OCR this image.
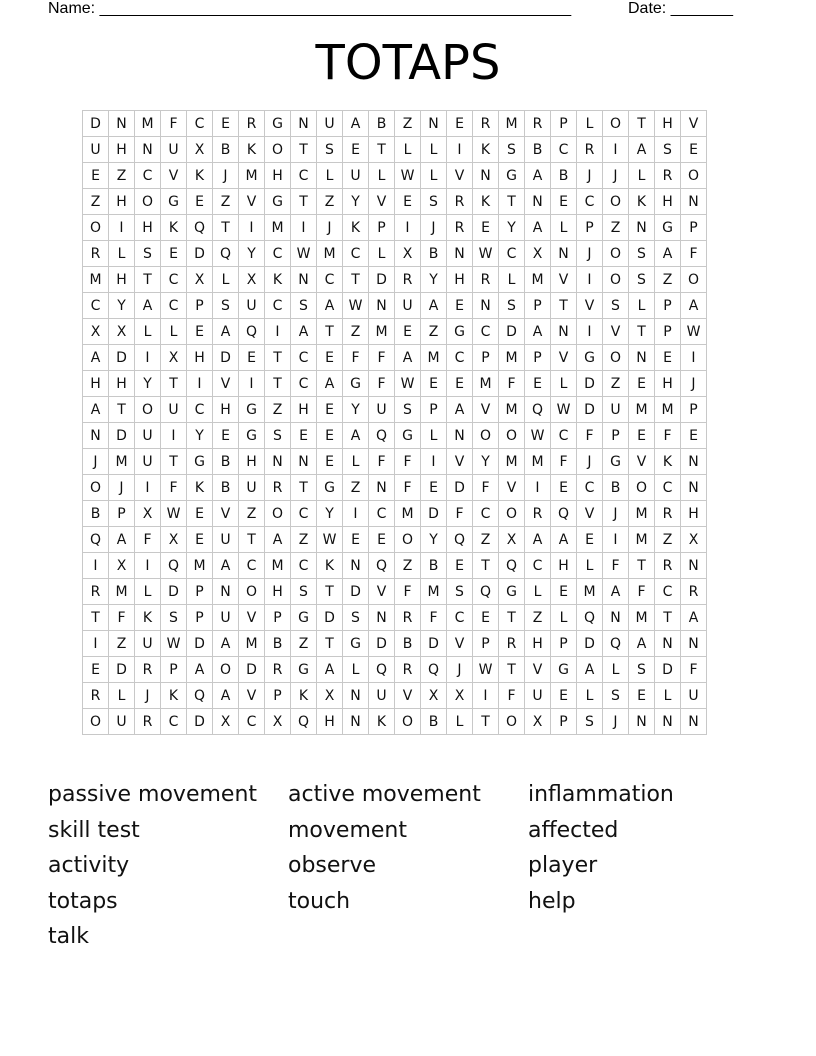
Name: _____________________________________________________	Date: _______
TOTAPS
D	N	M	F	C	E	R	G	N	U	A	B	Z	N	E	R	M	R	P	L	O	T	H	V
U	H	N	U	X	B	K	O	T	S	E	T	L	L	I	K	S	B	C	R	I	A	S	E
E	Z	C	V	K	J	M	H	C	L	U	L	W	L	V	N	G	A	B	J	J	L	R	O
Z	H	O	G	E	Z	V	G	T	Z	Y	V	E	S	R	K	T	N	E	C	O	K	H	N
O	I	H	K	Q	T	I	M	I	J	K	P	I	J	R	E	Y	A	L	P	Z	N	G	P
R	L	S	E	D	Q	Y	C	W	M	C	L	X	B	N	W	C	X	N	J	O	S	A	F
M	H	T	C	X	L	X	K	N	C	T	D	R	Y	H	R	L	M	V	I	O	S	Z	O
C	Y	A	C	P	S	U	C	S	A	W	N	U	A	E	N	S	P	T	V	S	L	P	A
X	X	L	L	E	A	Q	I	A	T	Z	M	E	Z	G	C	D	A	N	I	V	T	P	W
A	D	I	X	H	D	E	T	C	E	F	F	A	M	C	P	M	P	V	G	O	N	E	I
H	H	Y	T	I	V	I	T	C	A	G	F	W	E	E	M	F	E	L	D	Z	E	H	J
A	T	O	U	C	H	G	Z	H	E	Y	U	S	P	A	V	M	Q	W	D	U	M	M	P
N	D	U	I	Y	E	G	S	E	E	A	Q	G	L	N	O	O	W	C	F	P	E	F	E
J	M	U	T	G	B	H	N	N	E	L	F	F	I	V	Y	M	M	F	J	G	V	K	N
O	J	I	F	K	B	U	R	T	G	Z	N	F	E	D	F	V	I	E	C	B	O	C	N
B	P	X	W	E	V	Z	O	C	Y	I	C	M	D	F	C	O	R	Q	V	J	M	R	H
Q	A	F	X	E	U	T	A	Z	W	E	E	O	Y	Q	Z	X	A	A	E	I	M	Z	X
I	X	I	Q	M	A	C	M	C	K	N	Q	Z	B	E	T	Q	C	H	L	F	T	R	N
R	M	L	D	P	N	O	H	S	T	D	V	F	M	S	Q	G	L	E	M	A	F	C	R
T	F	K	S	P	U	V	P	G	D	S	N	R	F	C	E	T	Z	L	Q	N	M	T	A
I	Z	U	W	D	A	M	B	Z	T	G	D	B	D	V	P	R	H	P	D	Q	A	N	N
E	D	R	P	A	O	D	R	G	A	L	Q	R	Q	J	W	T	V	G	A	L	S	D	F
R	L	J	K	Q	A	V	P	K	X	N	U	V	X	X	I	F	U	E	L	S	E	L	U
O	U	R	C	D	X	C	X	Q	H	N	K	O	B	L	T	O	X	P	S	J	N	N	N
passive movement	active movement	inflammation
skill test	movement	affected
activity	observe	player
totaps	touch	help
talk
